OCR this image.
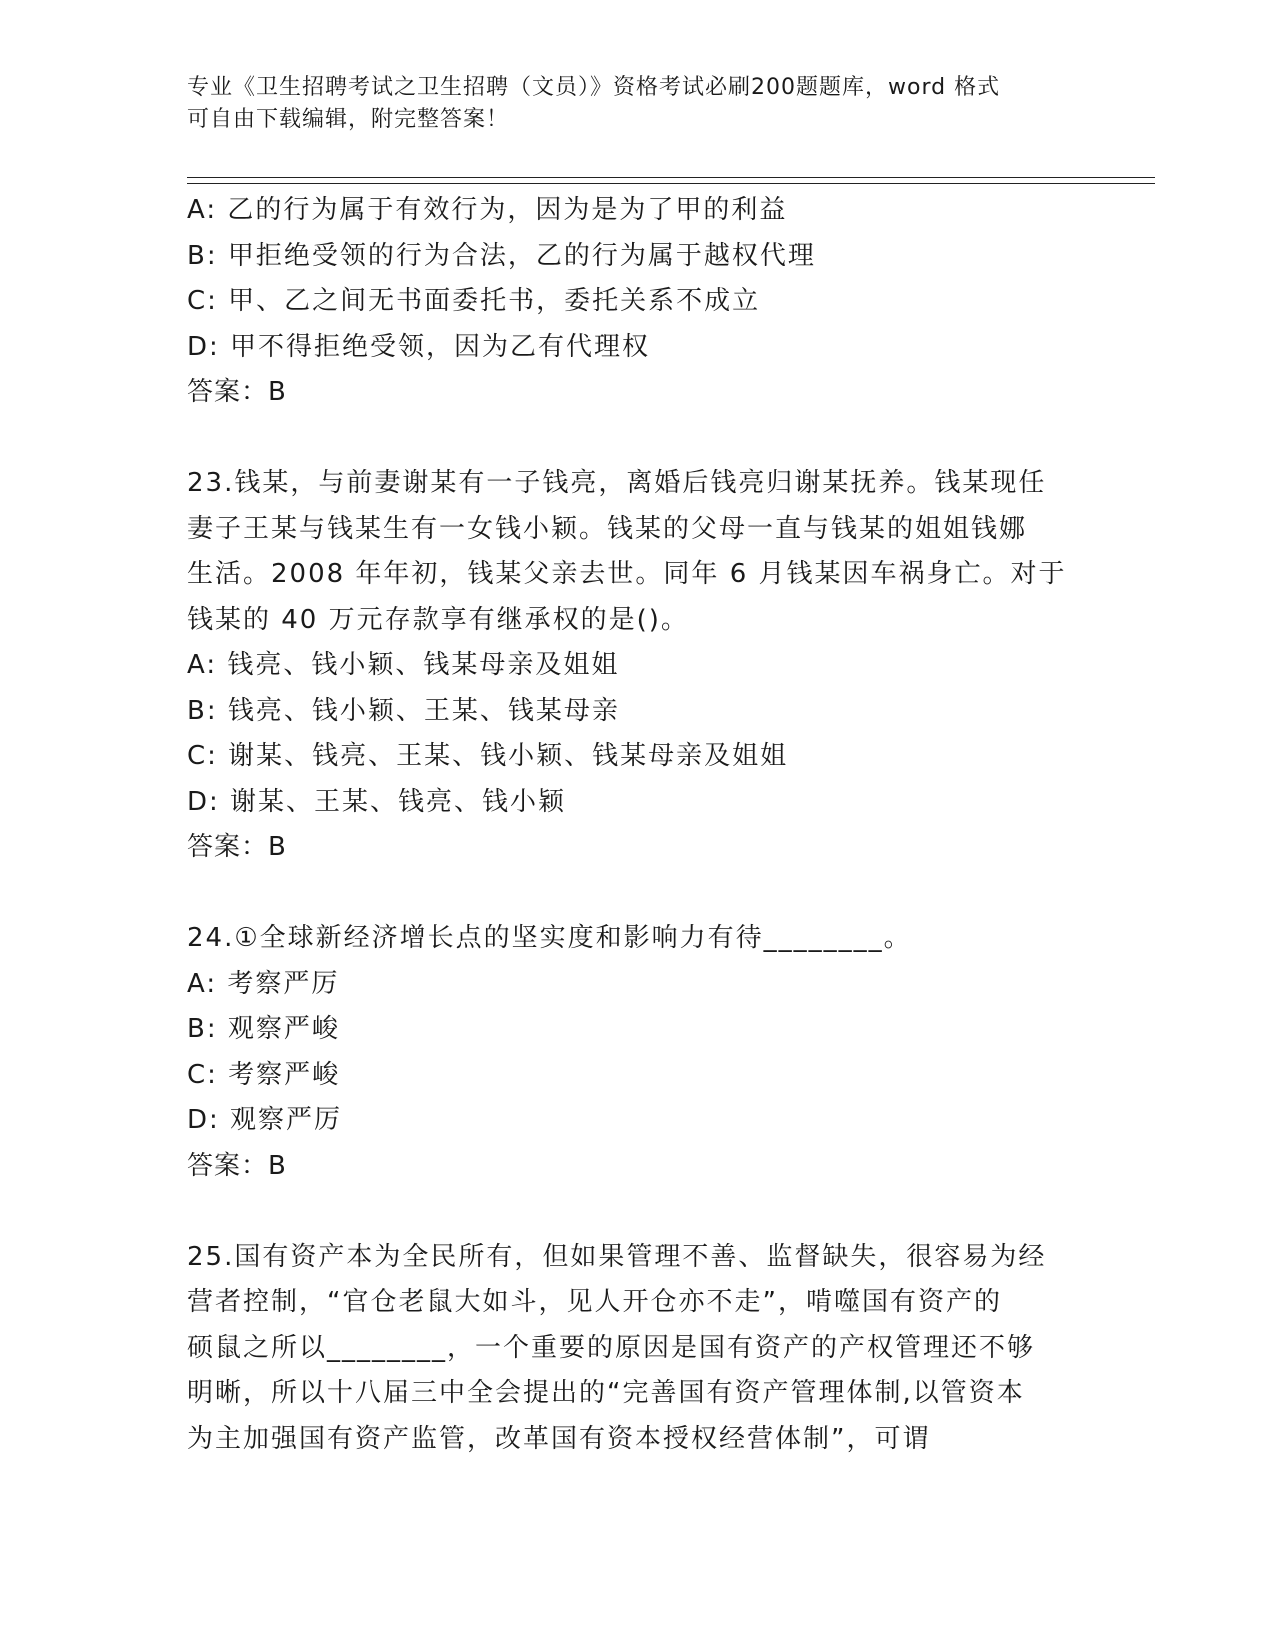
专业《卫生招聘考试之卫生招聘（文员）》资格考试必刷200题题库，word 格式
可自由下载编辑，附完整答案！
A: 乙的行为属于有效行为，因为是为了甲的利益
B: 甲拒绝受领的行为合法，乙的行为属于越权代理
C: 甲、乙之间无书面委托书，委托关系不成立
D: 甲不得拒绝受领，因为乙有代理权
答案：B
23.钱某，与前妻谢某有一子钱亮，离婚后钱亮归谢某抚养。钱某现任
妻子王某与钱某生有一女钱小颖。钱某的父母一直与钱某的姐姐钱娜
生活。2008 年年初，钱某父亲去世。同年 6 月钱某因车祸身亡。对于
钱某的 40 万元存款享有继承权的是()。
A: 钱亮、钱小颖、钱某母亲及姐姐
B: 钱亮、钱小颖、王某、钱某母亲
C: 谢某、钱亮、王某、钱小颖、钱某母亲及姐姐
D: 谢某、王某、钱亮、钱小颖
答案：B
24.①全球新经济增长点的坚实度和影响力有待________。
A: 考察严厉
B: 观察严峻
C: 考察严峻
D: 观察严厉
答案：B
25.国有资产本为全民所有，但如果管理不善、监督缺失，很容易为经
营者控制，“官仓老鼠大如斗，见人开仓亦不走”，啃噬国有资产的
硕鼠之所以________，一个重要的原因是国有资产的产权管理还不够
明晰，所以十八届三中全会提出的“完善国有资产管理体制,以管资本
为主加强国有资产监管，改革国有资本授权经营体制”，可谓
